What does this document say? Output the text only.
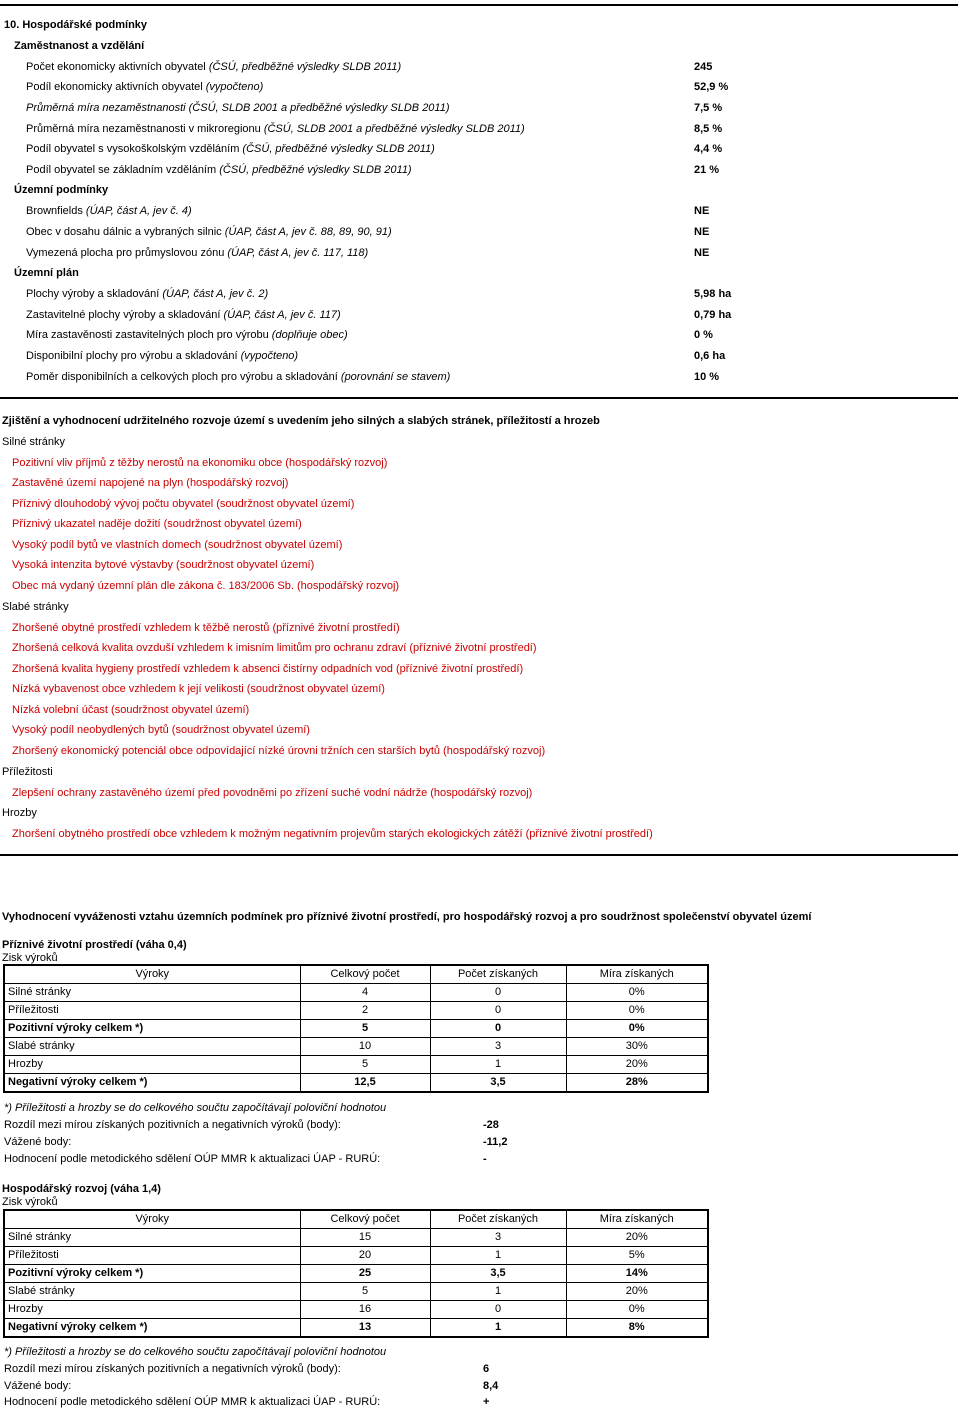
10. Hospodářské podmínky
Zaměstnanost a vzdělání
Počet ekonomicky aktivních obyvatel (ČSÚ, předběžné výsledky SLDB 2011)	245
Podíl ekonomicky aktivních obyvatel (vypočteno)	52,9 %
Průměrná míra nezaměstnanosti (ČSÚ, SLDB 2001 a předběžné výsledky SLDB 2011)	7,5 %
Průměrná míra nezaměstnanosti v mikroregionu (ČSÚ, SLDB 2001 a předběžné výsledky SLDB 2011)	8,5 %
Podíl obyvatel s vysokoškolským vzděláním (ČSÚ, předběžné výsledky SLDB 2011)	4,4 %
Podíl obyvatel se základním vzděláním (ČSÚ, předběžné výsledky SLDB 2011)	21 %
Územní podmínky
Brownfields (ÚAP, část A, jev č. 4)	NE
Obec v dosahu dálnic a vybraných silnic (ÚAP, část A, jev č. 88, 89, 90, 91)	NE
Vymezená plocha pro průmyslovou zónu (ÚAP, část A, jev č. 117, 118)	NE
Územní plán
Plochy výroby a skladování (ÚAP, část A, jev č. 2)	5,98 ha
Zastavitelné plochy výroby a skladování (ÚAP, část A, jev č. 117)	0,79 ha
Míra zastavěnosti zastavitelných ploch pro výrobu (doplňuje obec)	0 %
Disponibilní plochy pro výrobu a skladování (vypočteno)	0,6 ha
Poměr disponibilních a celkových ploch pro výrobu a skladování (porovnání se stavem)	10 %
Zjištění a vyhodnocení udržitelného rozvoje území s uvedením jeho silných a slabých stránek, příležitostí a hrozeb
Silné stránky
Pozitivní vliv příjmů z těžby nerostů na ekonomiku obce (hospodářský rozvoj)
Zastavěné území napojené na plyn (hospodářský rozvoj)
Příznivý dlouhodobý vývoj počtu obyvatel (soudržnost obyvatel území)
Příznivý ukazatel naděje dožití (soudržnost obyvatel území)
Vysoký podíl bytů ve vlastních domech (soudržnost obyvatel území)
Vysoká intenzita bytové výstavby (soudržnost obyvatel území)
Obec má vydaný územní plán dle zákona č. 183/2006 Sb. (hospodářský rozvoj)
Slabé stránky
Zhoršené obytné prostředí vzhledem k těžbě nerostů (příznivé životní prostředí)
Zhoršená celková kvalita ovzduší vzhledem k imisním limitům pro ochranu zdraví (příznivé životní prostředí)
Zhoršená kvalita hygieny prostředí vzhledem k absenci čistírny odpadních vod (příznivé životní prostředí)
Nízká vybavenost obce vzhledem k její velikosti (soudržnost obyvatel území)
Nízká volební účast (soudržnost obyvatel území)
Vysoký podíl neobydlených bytů (soudržnost obyvatel území)
Zhoršený ekonomický potenciál obce odpovídající nízké úrovni tržních cen starších bytů (hospodářský rozvoj)
Příležitosti
Zlepšení ochrany zastavěného území před povodněmi po zřízení suché vodní nádrže (hospodářský rozvoj)
Hrozby
Zhoršení obytného prostředí obce vzhledem k možným negativním projevům starých ekologických zátěží (příznivé životní prostředí)
Vyhodnocení vyváženosti vztahu územních podmínek pro příznivé životní prostředí, pro hospodářský rozvoj a pro soudržnost společenství obyvatel území
Příznivé životní prostředí (váha 0,4)
Zisk výroků
Výroky	Celkový počet	Počet získaných	Míra získaných
Silné stránky	4	0	0%
Příležitosti	2	0	0%
Pozitivní výroky celkem *)	5	0	0%
Slabé stránky	10	3	30%
Hrozby	5	1	20%
Negativní výroky celkem *)	12,5	3,5	28%
*) Příležitosti a hrozby se do celkového součtu započítávají poloviční hodnotou
Rozdíl mezi mírou získaných pozitivních a negativních výroků (body):	-28
Vážené body:	-11,2
Hodnocení podle metodického sdělení OÚP MMR k aktualizaci ÚAP - RURÚ:	-
Hospodářský rozvoj (váha 1,4)
Zisk výroků
Výroky	Celkový počet	Počet získaných	Míra získaných
Silné stránky	15	3	20%
Příležitosti	20	1	5%
Pozitivní výroky celkem *)	25	3,5	14%
Slabé stránky	5	1	20%
Hrozby	16	0	0%
Negativní výroky celkem *)	13	1	8%
*) Příležitosti a hrozby se do celkového součtu započítávají poloviční hodnotou
Rozdíl mezi mírou získaných pozitivních a negativních výroků (body):	6
Vážené body:	8,4
Hodnocení podle metodického sdělení OÚP MMR k aktualizaci ÚAP - RURÚ:	+
